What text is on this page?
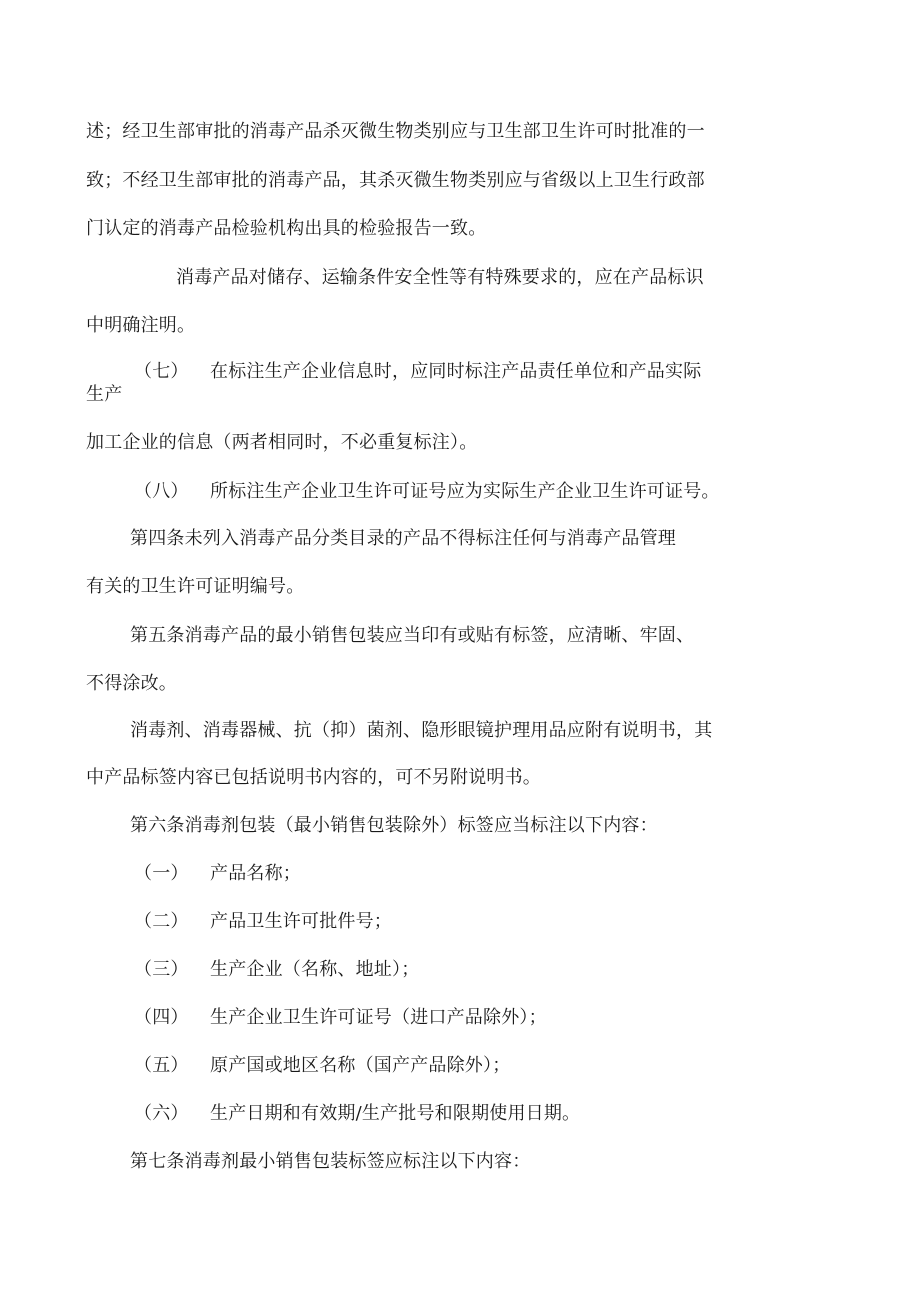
述；经卫生部审批的消毒产品杀灭微生物类别应与卫生部卫生许可时批准的一
致；不经卫生部审批的消毒产品，其杀灭微生物类别应与省级以上卫生行政部
门认定的消毒产品检验机构出具的检验报告一致。
消毒产品对储存、运输条件安全性等有特殊要求的，应在产品标识
中明确注明。
（七） 在标注生产企业信息时，应同时标注产品责任单位和产品实际
生产
加工企业的信息（两者相同时，不必重复标注）。
（八） 所标注生产企业卫生许可证号应为实际生产企业卫生许可证号。
第四条未列入消毒产品分类目录的产品不得标注任何与消毒产品管理
有关的卫生许可证明编号。
第五条消毒产品的最小销售包装应当印有或贴有标签，应清晰、牢固、
不得涂改。
消毒剂、消毒器械、抗（抑）菌剂、隐形眼镜护理用品应附有说明书，其
中产品标签内容已包括说明书内容的，可不另附说明书。
第六条消毒剂包装（最小销售包装除外）标签应当标注以下内容：
（一） 产品名称；
（二） 产品卫生许可批件号；
（三） 生产企业（名称、地址）；
（四） 生产企业卫生许可证号（进口产品除外）；
（五） 原产国或地区名称（国产产品除外）；
（六） 生产日期和有效期/生产批号和限期使用日期。
第七条消毒剂最小销售包装标签应标注以下内容：
